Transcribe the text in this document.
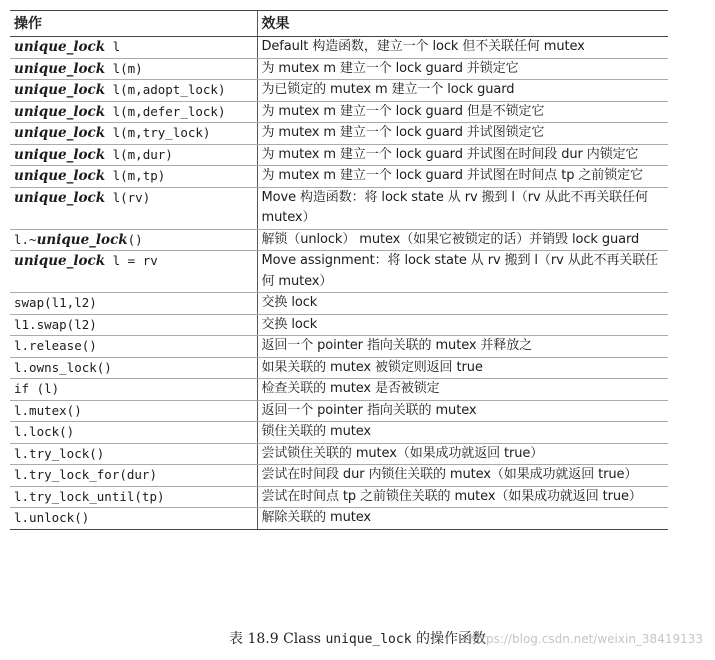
操作	效果
unique_lock l	Default 构造函数，建立一个 lock 但不关联任何 mutex
unique_lock l(m)	为 mutex m 建立一个 lock guard 并锁定它
unique_lock l(m,adopt_lock)	为已锁定的 mutex m 建立一个 lock guard
unique_lock l(m,defer_lock)	为 mutex m 建立一个 lock guard 但是不锁定它
unique_lock l(m,try_lock)	为 mutex m 建立一个 lock guard 并试图锁定它
unique_lock l(m,dur)	为 mutex m 建立一个 lock guard 并试图在时间段 dur 内锁定它
unique_lock l(m,tp)	为 mutex m 建立一个 lock guard 并试图在时间点 tp 之前锁定它
unique_lock l(rv)	Move 构造函数：将 lock state 从 rv 搬到 l（rv 从此不再关联任何 mutex）
l.~unique_lock()	解锁（unlock） mutex（如果它被锁定的话）并销毁 lock guard
unique_lock l = rv	Move assignment：将 lock state 从 rv 搬到 l（rv 从此不再关联任何 mutex）
swap(l1,l2)	交换 lock
l1.swap(l2)	交换 lock
l.release()	返回一个 pointer 指向关联的 mutex 并释放之
l.owns_lock()	如果关联的 mutex 被锁定则返回 true
if (l)	检查关联的 mutex 是否被锁定
l.mutex()	返回一个 pointer 指向关联的 mutex
l.lock()	锁住关联的 mutex
l.try_lock()	尝试锁住关联的 mutex（如果成功就返回 true）
l.try_lock_for(dur)	尝试在时间段 dur 内锁住关联的 mutex（如果成功就返回 true）
l.try_lock_until(tp)	尝试在时间点 tp 之前锁住关联的 mutex（如果成功就返回 true）
l.unlock()	解除关联的 mutex
表 18.9 Class unique_lock 的操作函数
https://blog.csdn.net/weixin_38419133
